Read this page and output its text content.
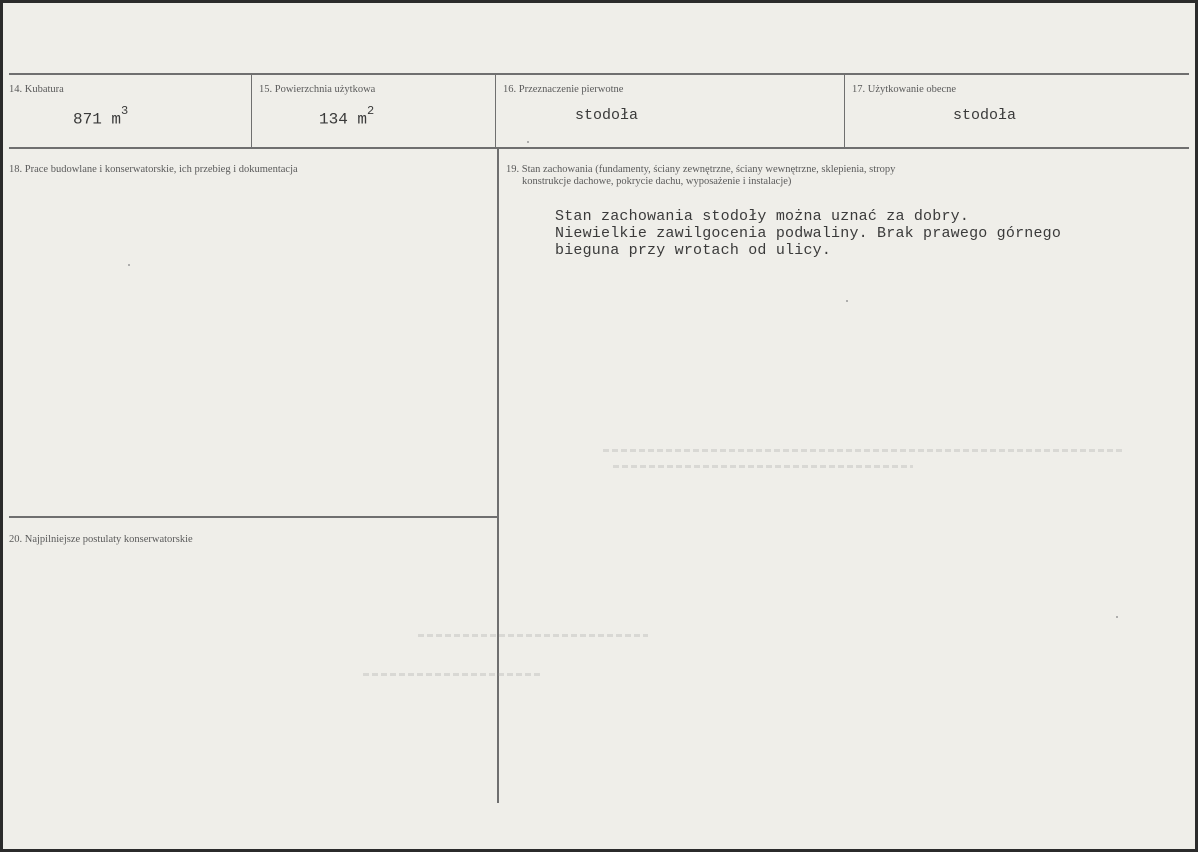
14. Kubatura
871 $m^3$
15. Powierzchnia użytkowa
134 $m^2$
16. Przeznaczenie pierwotne
stodoła
17. Użytkowanie obecne
stodoła
18. Prace budowlane i konserwatorskie, ich przebieg i dokumentacja	19. Stan zachowania (fundamenty, ściany zewnętrzne, ściany wewnętrzne, sklepienia, stropy
konstrukcje dachowe, pokrycie dachu, wyposażenie i instalacje)
Stan zachowania stodoły można uznać za dobry.
Niewielkie zawilgocenia podwaliny. Brak prawego górnego
bieguna przy wrotach od ulicy.
20. Najpilniejsze postulaty konserwatorskie
